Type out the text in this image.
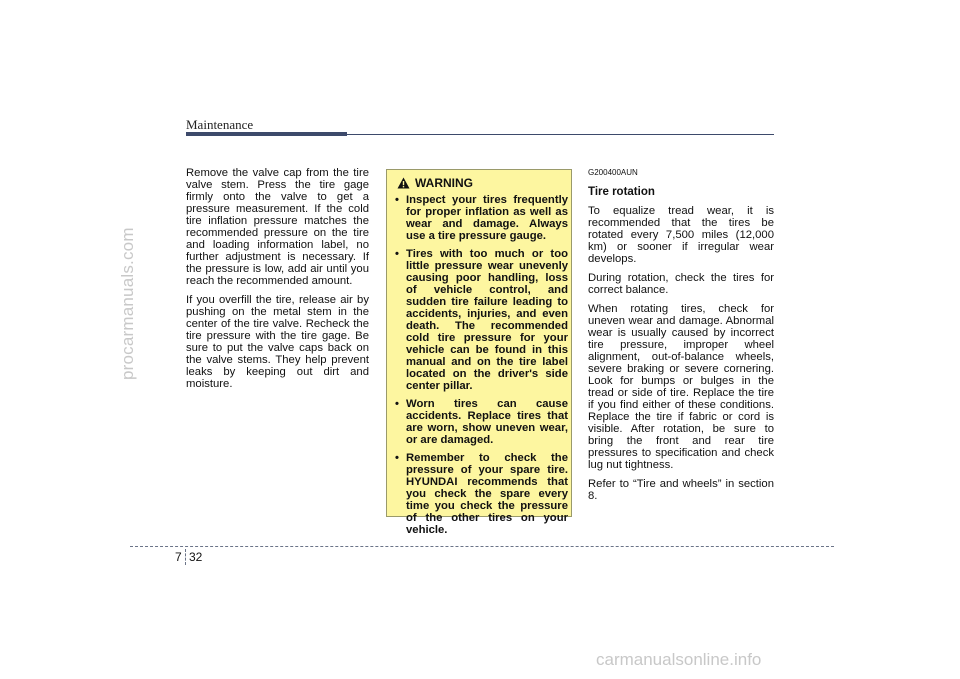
procarmanuals.com
carmanualsonline.info
Maintenance

Remove the valve cap from the tire valve stem. Press the tire gage firmly onto the valve to get a pressure measurement. If the cold tire inflation pressure matches the recommended pressure on the tire and loading information label, no further adjustment is necessary. If the pressure is low, add air until you reach the recommended amount.

If you overfill the tire, release air by pushing on the metal stem in the center of the tire valve. Recheck the tire pressure with the tire gage. Be sure to put the valve caps back on the valve stems. They help prevent leaks by keeping out dirt and moisture.

WARNING
• Inspect your tires frequently for proper inflation as well as wear and damage. Always use a tire pressure gauge.
• Tires with too much or too little pressure wear unevenly causing poor handling, loss of vehicle control, and sudden tire failure leading to accidents, injuries, and even death. The recommended cold tire pressure for your vehicle can be found in this manual and on the tire label located on the driver's side center pillar.
• Worn tires can cause accidents. Replace tires that are worn, show uneven wear, or are damaged.
• Remember to check the pressure of your spare tire. HYUNDAI recommends that you check the spare every time you check the pressure of the other tires on your vehicle.

G200400AUN

Tire rotation

To equalize tread wear, it is recommended that the tires be rotated every 7,500 miles (12,000 km) or sooner if irregular wear develops.

During rotation, check the tires for correct balance.

When rotating tires, check for uneven wear and damage. Abnormal wear is usually caused by incorrect tire pressure, improper wheel alignment, out-of-balance wheels, severe braking or severe cornering. Look for bumps or bulges in the tread or side of tire. Replace the tire if you find either of these conditions. Replace the tire if fabric or cord is visible. After rotation, be sure to bring the front and rear tire pressures to specification and check lug nut tightness.

Refer to “Tire and wheels” in section 8.

7 32
